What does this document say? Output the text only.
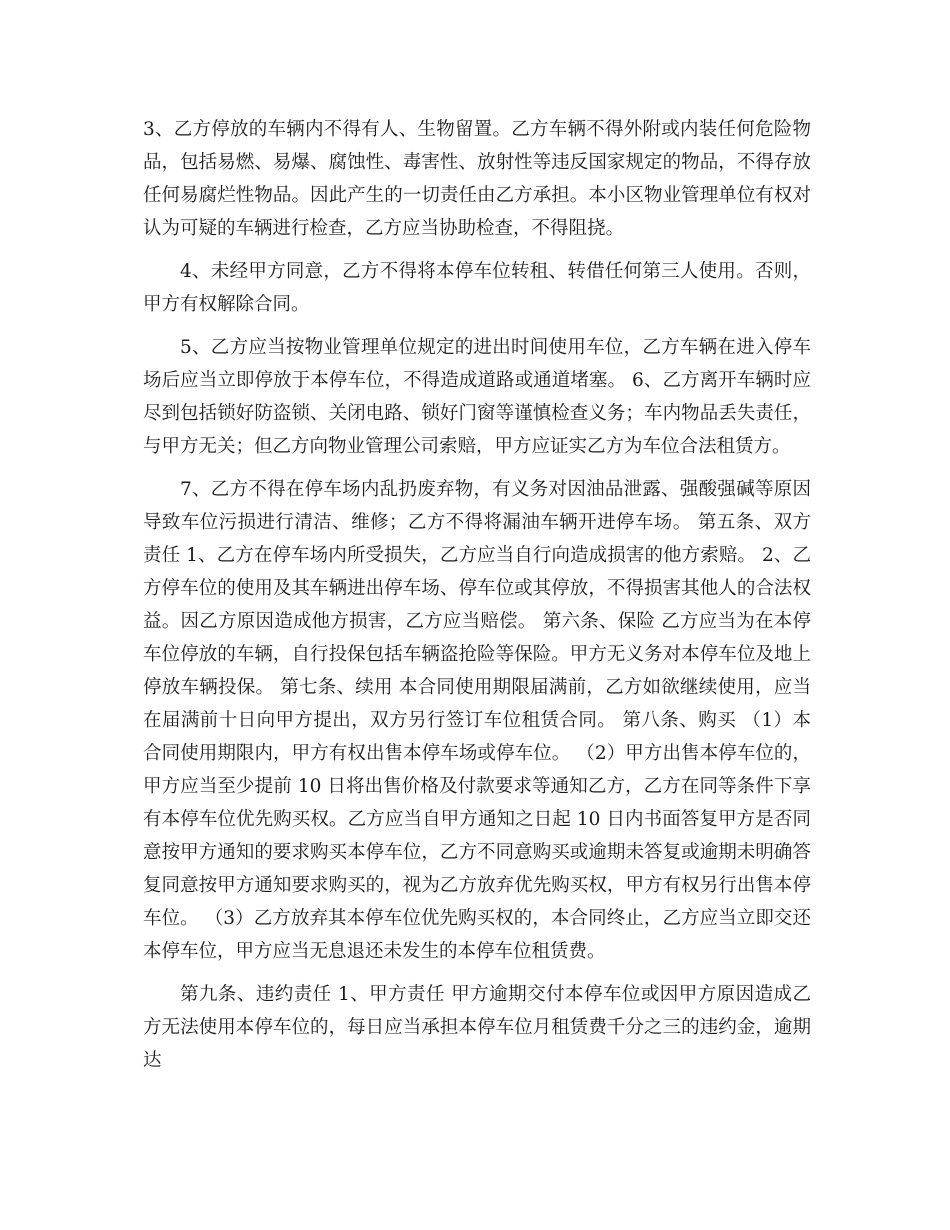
3、乙方停放的车辆内不得有人、生物留置。乙方车辆不得外附或内装任何危险物品，包括易燃、易爆、腐蚀性、毒害性、放射性等违反国家规定的物品，不得存放任何易腐烂性物品。因此产生的一切责任由乙方承担。本小区物业管理单位有权对认为可疑的车辆进行检查，乙方应当协助检查，不得阻挠。

4、未经甲方同意，乙方不得将本停车位转租、转借任何第三人使用。否则，甲方有权解除合同。

5、乙方应当按物业管理单位规定的进出时间使用车位，乙方车辆在进入停车场后应当立即停放于本停车位，不得造成道路或通道堵塞。 6、乙方离开车辆时应尽到包括锁好防盗锁、关闭电路、锁好门窗等谨慎检查义务；车内物品丢失责任，与甲方无关；但乙方向物业管理公司索赔，甲方应证实乙方为车位合法租赁方。

7、乙方不得在停车场内乱扔废弃物，有义务对因油品泄露、强酸强碱等原因导致车位污损进行清洁、维修；乙方不得将漏油车辆开进停车场。 第五条、双方责任 1、乙方在停车场内所受损失，乙方应当自行向造成损害的他方索赔。 2、乙方停车位的使用及其车辆进出停车场、停车位或其停放，不得损害其他人的合法权益。因乙方原因造成他方损害，乙方应当赔偿。 第六条、保险 乙方应当为在本停车位停放的车辆，自行投保包括车辆盗抢险等保险。甲方无义务对本停车位及地上停放车辆投保。 第七条、续用 本合同使用期限届满前，乙方如欲继续使用，应当在届满前十日向甲方提出，双方另行签订车位租赁合同。 第八条、购买 （1）本合同使用期限内，甲方有权出售本停车场或停车位。 （2）甲方出售本停车位的，甲方应当至少提前 10 日将出售价格及付款要求等通知乙方，乙方在同等条件下享有本停车位优先购买权。乙方应当自甲方通知之日起 10 日内书面答复甲方是否同意按甲方通知的要求购买本停车位，乙方不同意购买或逾期未答复或逾期未明确答复同意按甲方通知要求购买的，视为乙方放弃优先购买权，甲方有权另行出售本停车位。 （3）乙方放弃其本停车位优先购买权的，本合同终止，乙方应当立即交还本停车位，甲方应当无息退还未发生的本停车位租赁费。

第九条、违约责任 1、甲方责任 甲方逾期交付本停车位或因甲方原因造成乙方无法使用本停车位的，每日应当承担本停车位月租赁费千分之三的违约金，逾期达
